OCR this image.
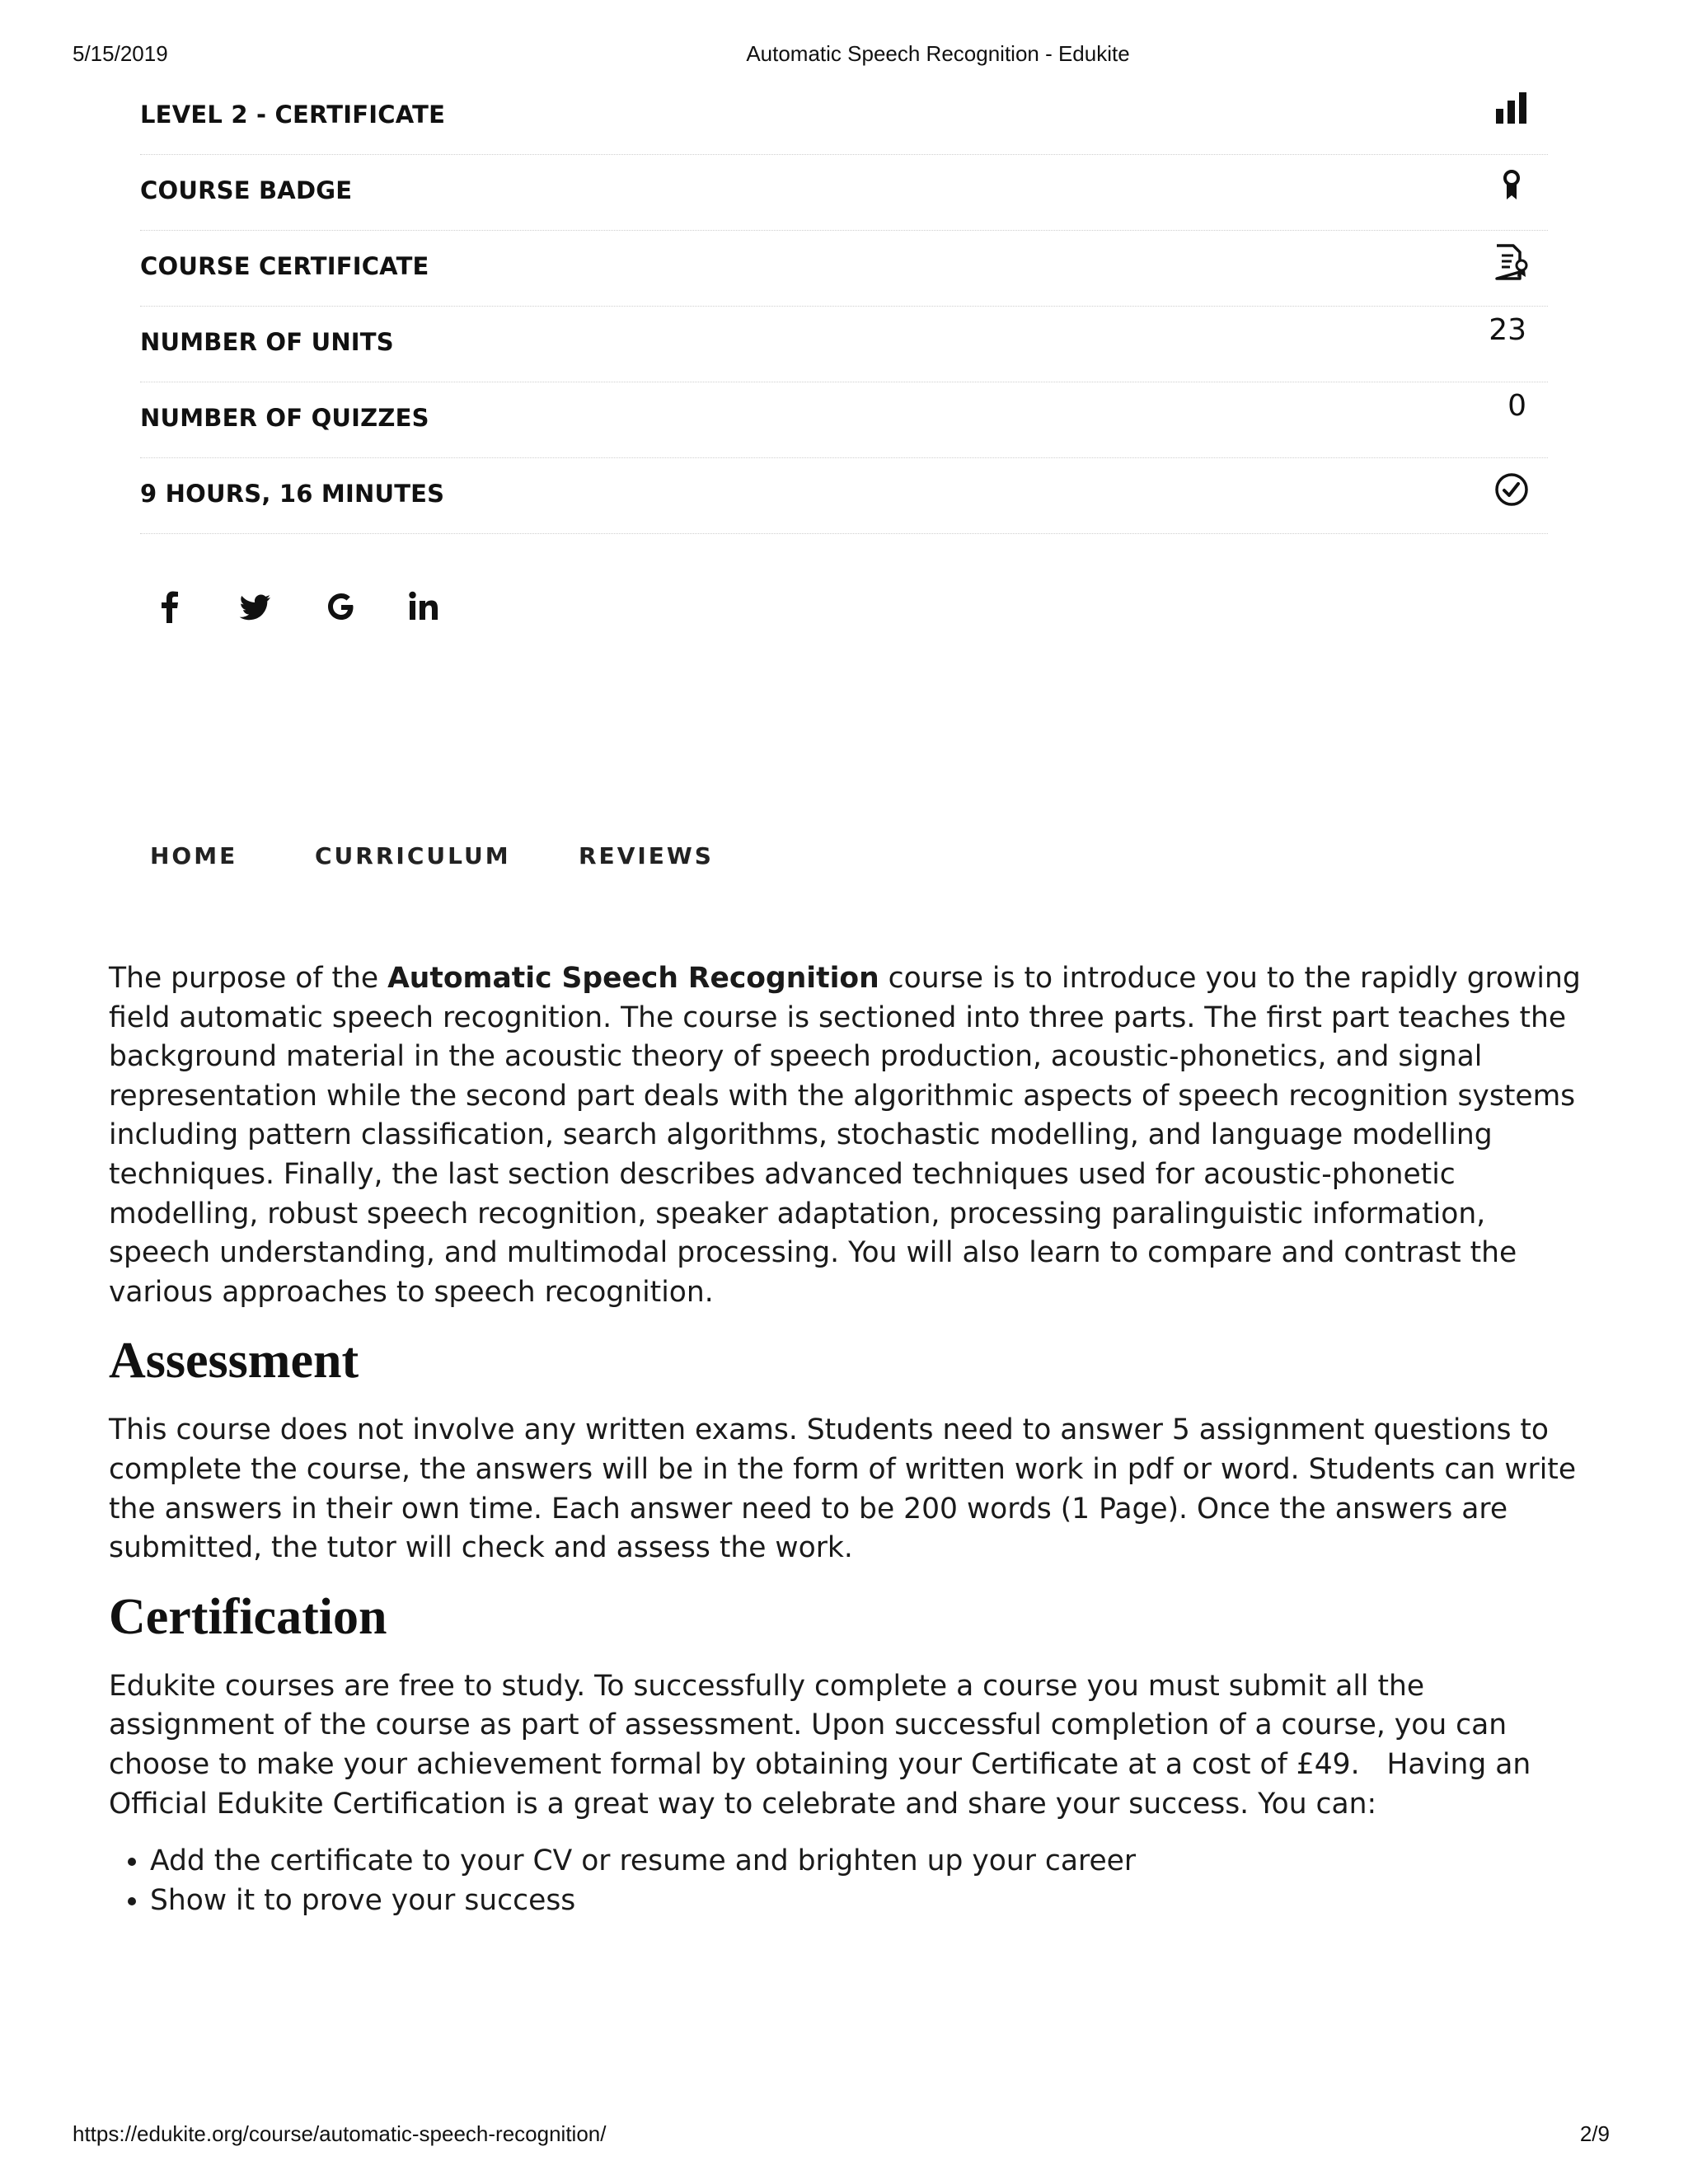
5/15/2019	Automatic Speech Recognition - Edukite
LEVEL 2 - CERTIFICATE
COURSE BADGE
COURSE CERTIFICATE
NUMBER OF UNITS	23
NUMBER OF QUIZZES	0
9 HOURS, 16 MINUTES
HOME	CURRICULUM	REVIEWS

The purpose of the Automatic Speech Recognition course is to introduce you to the rapidly growing field automatic speech recognition. The course is sectioned into three parts. The first part teaches the background material in the acoustic theory of speech production, acoustic-phonetics, and signal representation while the second part deals with the algorithmic aspects of speech recognition systems including pattern classification, search algorithms, stochastic modelling, and language modelling techniques. Finally, the last section describes advanced techniques used for acoustic-phonetic modelling, robust speech recognition, speaker adaptation, processing paralinguistic information, speech understanding, and multimodal processing. You will also learn to compare and contrast the various approaches to speech recognition.

Assessment

This course does not involve any written exams. Students need to answer 5 assignment questions to complete the course, the answers will be in the form of written work in pdf or word. Students can write the answers in their own time. Each answer need to be 200 words (1 Page). Once the answers are submitted, the tutor will check and assess the work.

Certification

Edukite courses are free to study. To successfully complete a course you must submit all the assignment of the course as part of assessment. Upon successful completion of a course, you can choose to make your achievement formal by obtaining your Certificate at a cost of £49.   Having an Official Edukite Certification is a great way to celebrate and share your success. You can:

• Add the certificate to your CV or resume and brighten up your career
• Show it to prove your success
https://edukite.org/course/automatic-speech-recognition/	2/9
